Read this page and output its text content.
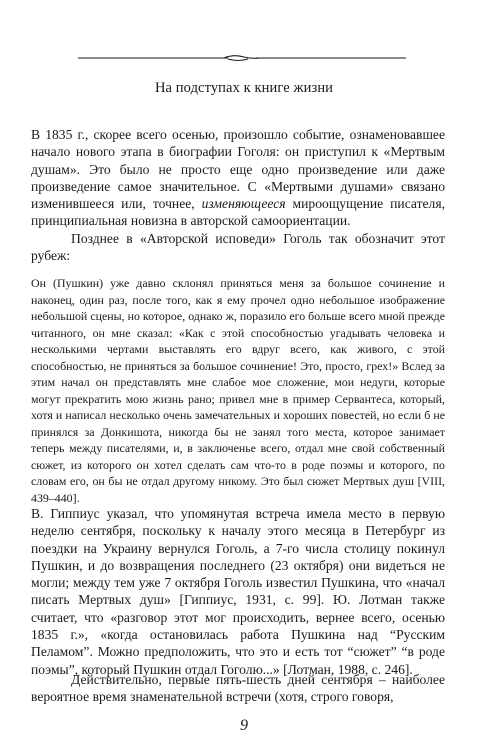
На подступах к книге жизни

В 1835 г., скорее всего осенью, произошло событие, ознаменовавшее начало нового этапа в биографии Гоголя: он приступил к «Мертвым душам». Это было не просто еще одно произведение или даже произведение самое значительное. С «Мертвыми душами» связано изменившееся или, точнее, изменяющееся мироощущение писателя, принципиальная новизна в авторской самоориентации.

Позднее в «Авторской исповеди» Гоголь так обозначит этот рубеж:

Он (Пушкин) уже давно склонял приняться меня за большое сочинение и наконец, один раз, после того, как я ему прочел одно небольшое изображение небольшой сцены, но которое, однако ж, поразило его больше всего мной прежде читанного, он мне сказал: «Как с этой способностью угадывать человека и несколькими чертами выставлять его вдруг всего, как живого, с этой способностью, не приняться за большое сочинение! Это, просто, грех!» Вслед за этим начал он представлять мне слабое мое сложение, мои недуги, которые могут прекратить мою жизнь рано; привел мне в пример Сервантеса, который, хотя и написал несколько очень замечательных и хороших повестей, но если б не принялся за Донкишота, никогда бы не занял того места, которое занимает теперь между писателями, и, в заключенье всего, отдал мне свой собственный сюжет, из которого он хотел сделать сам что-то в роде поэмы и которого, по словам его, он бы не отдал другому никому. Это был сюжет Мертвых душ [VIII, 439–440].

В. Гиппиус указал, что упомянутая встреча имела место в первую неделю сентября, поскольку к началу этого месяца в Петербург из поездки на Украину вернулся Гоголь, а 7-го числа столицу покинул Пушкин, и до возвращения последнего (23 октября) они видеться не могли; между тем уже 7 октября Гоголь известил Пушкина, что «начал писать Мертвых душ» [Гиппиус, 1931, с. 99]. Ю. Лотман также считает, что «разговор этот мог происходить, вернее всего, осенью 1835 г.», «когда остановилась работа Пушкина над “Русским Пеламом”. Можно предположить, что это и есть тот “сюжет” “в роде поэмы”, который Пушкин отдал Гоголю...» [Лотман, 1988, с. 246].

Действительно, первые пять-шесть дней сентября – наиболее вероятное время знаменательной встречи (хотя, строго говоря,

9
